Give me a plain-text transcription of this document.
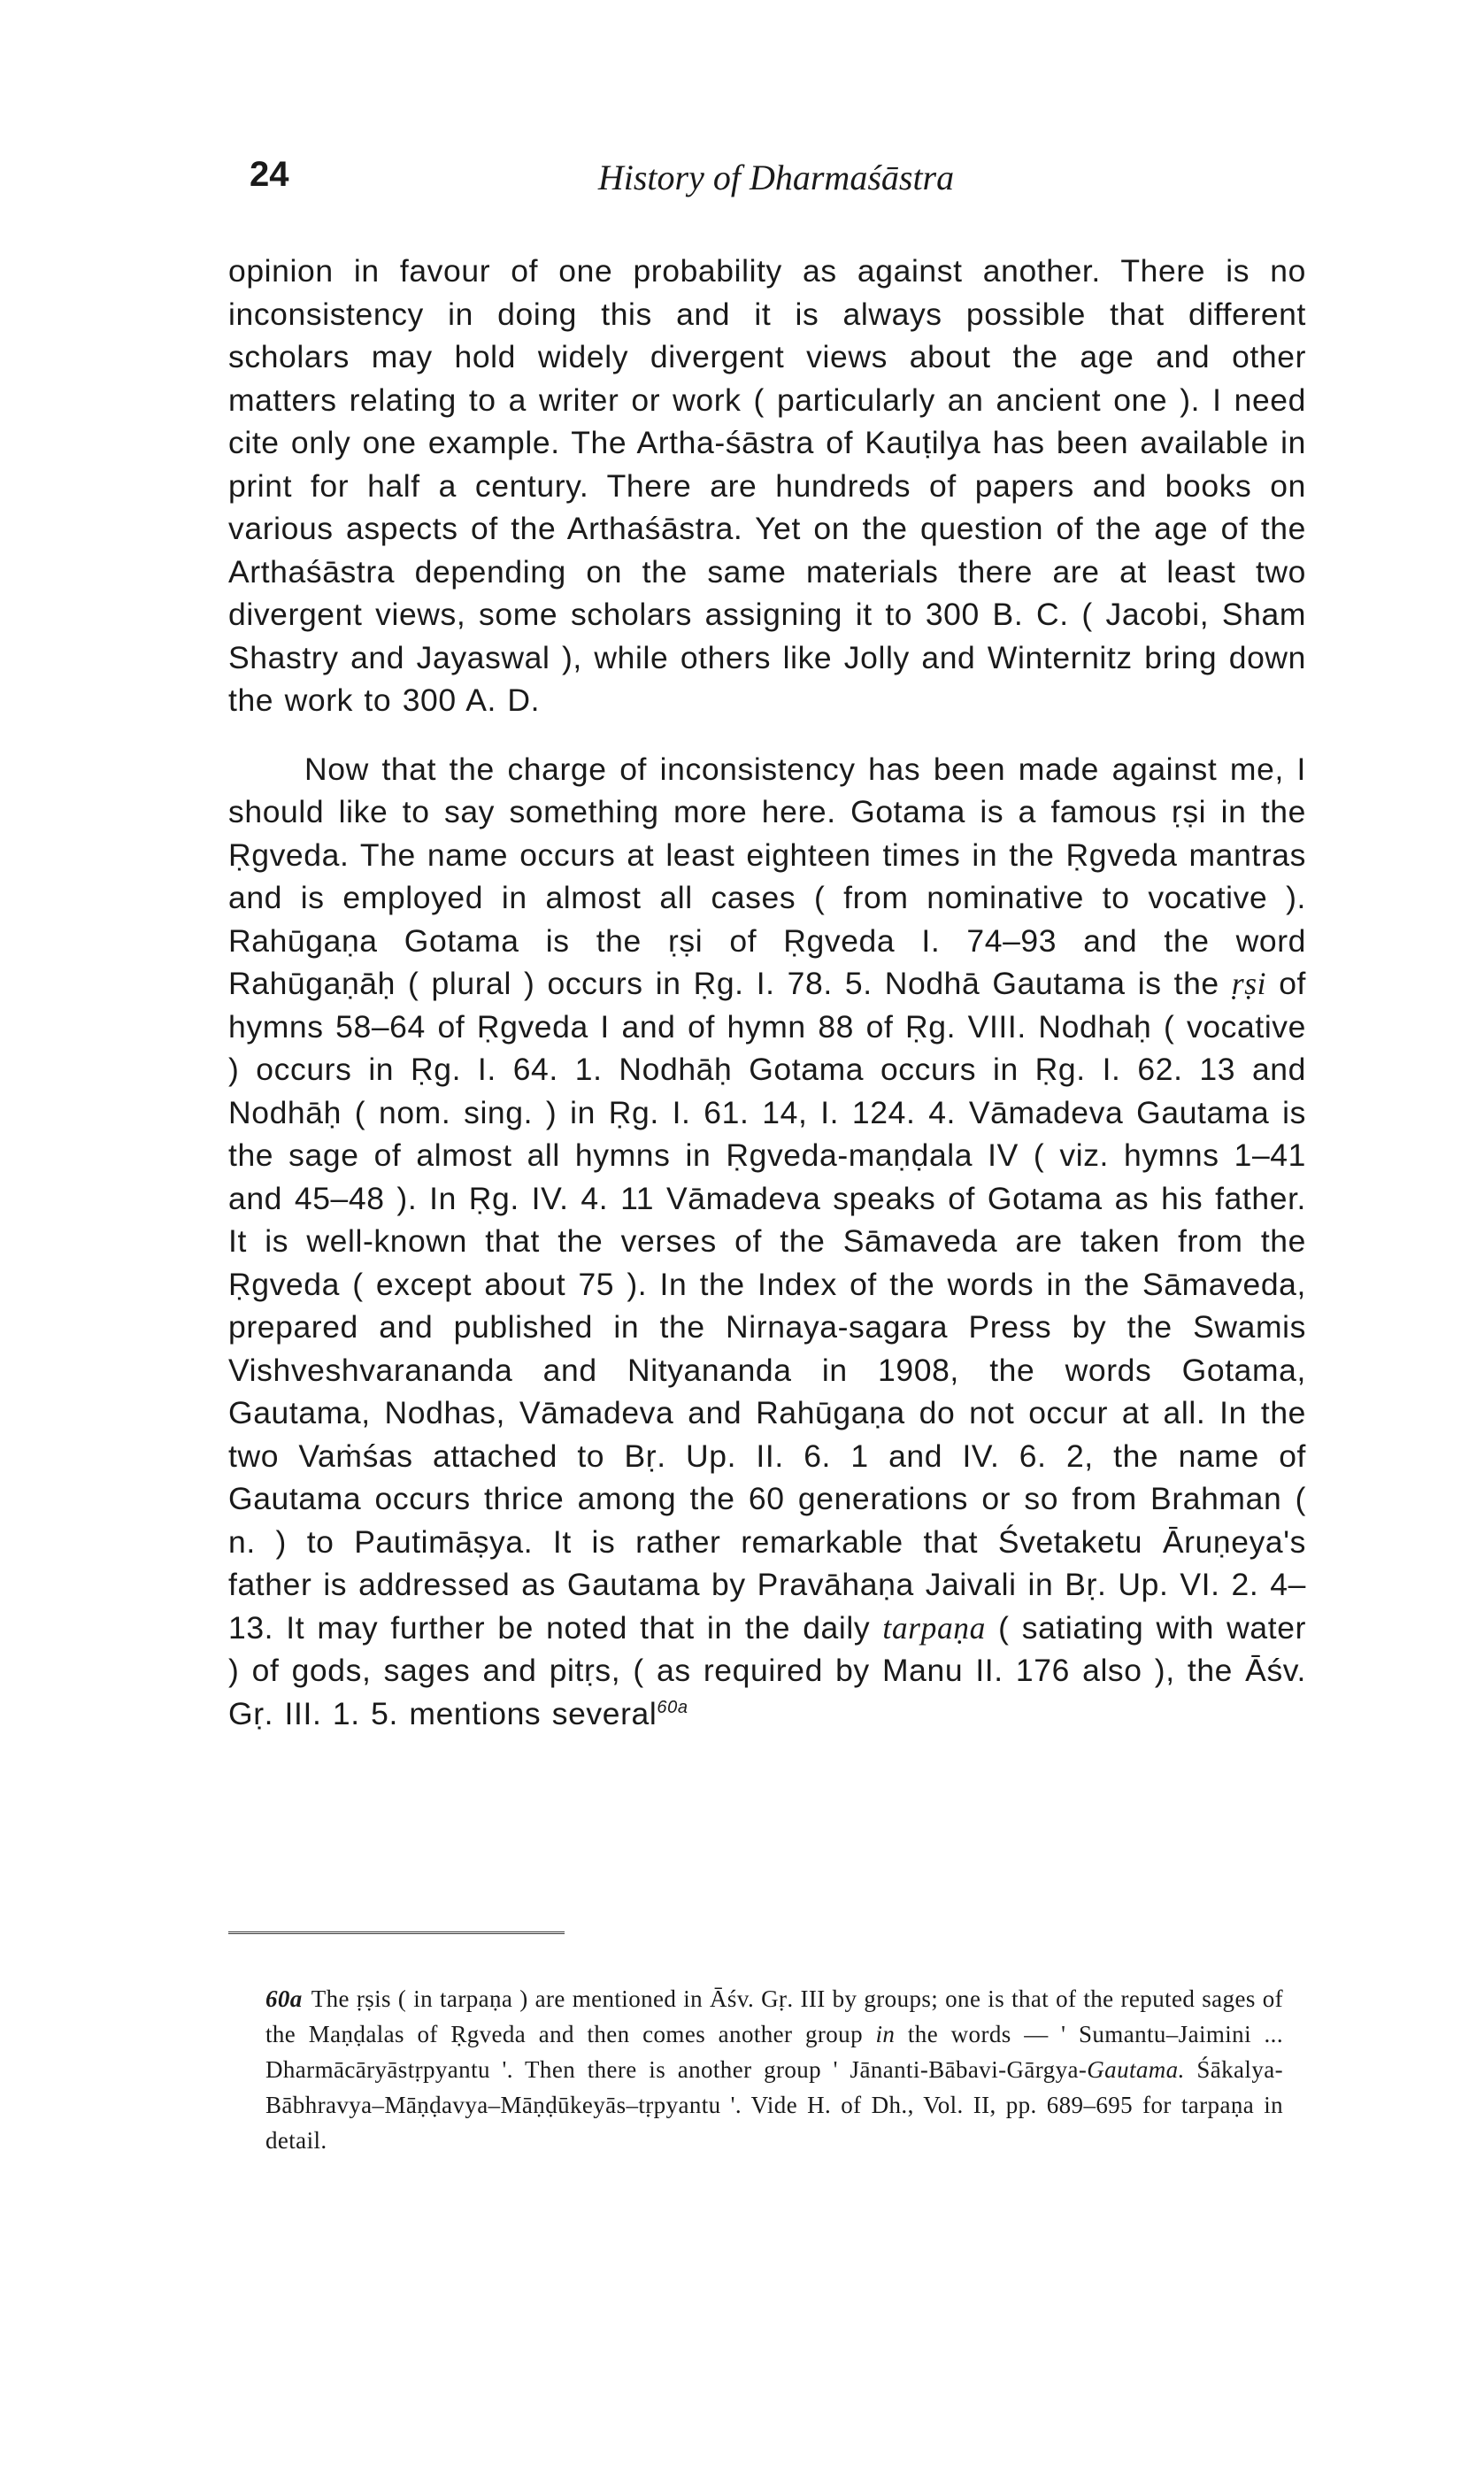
24	History of Dharmaśāstra

opinion in favour of one probability as against another. There is no inconsistency in doing this and it is always possible that different scholars may hold widely divergent views about the age and other matters relating to a writer or work ( particularly an ancient one ). I need cite only one example. The Artha-śāstra of Kauṭilya has been available in print for half a century. There are hundreds of papers and books on various aspects of the Arthaśāstra. Yet on the question of the age of the Arthaśāstra depending on the same materials there are at least two divergent views, some scholars assigning it to 300 B. C. ( Jacobi, Sham Shastry and Jayaswal ), while others like Jolly and Winternitz bring down the work to 300 A. D.

Now that the charge of inconsistency has been made against me, I should like to say something more here. Gotama is a famous ṛṣi in the Ṛgveda. The name occurs at least eighteen times in the Ṛgveda mantras and is employed in almost all cases ( from nominative to vocative ). Rahūgaṇa Gotama is the ṛṣi of Ṛgveda I. 74–93 and the word Rahūgaṇāḥ ( plural ) occurs in Ṛg. I. 78. 5. Nodhā Gautama is the ṛṣi of hymns 58–64 of Ṛgveda I and of hymn 88 of Ṛg. VIII. Nodhaḥ ( vocative ) occurs in Ṛg. I. 64. 1. Nodhāḥ Gotama occurs in Ṛg. I. 62. 13 and Nodhāḥ ( nom. sing. ) in Ṛg. I. 61. 14, I. 124. 4. Vāmadeva Gautama is the sage of almost all hymns in Ṛgveda-maṇḍala IV ( viz. hymns 1–41 and 45–48 ). In Ṛg. IV. 4. 11 Vāmadeva speaks of Gotama as his father. It is well-known that the verses of the Sāmaveda are taken from the Ṛgveda ( except about 75 ). In the Index of the words in the Sāmaveda, prepared and published in the Nirnaya-sagara Press by the Swamis Vishveshvarananda and Nityananda in 1908, the words Gotama, Gautama, Nodhas, Vāmadeva and Rahūgaṇa do not occur at all. In the two Vaṁśas attached to Bṛ. Up. II. 6. 1 and IV. 6. 2, the name of Gautama occurs thrice among the 60 generations or so from Brahman ( n. ) to Pautimāṣya. It is rather remarkable that Śvetaketu Āruṇeya's father is addressed as Gautama by Pravāhaṇa Jaivali in Bṛ. Up. VI. 2. 4–13. It may further be noted that in the daily tarpaṇa ( satiating with water ) of gods, sages and pitṛs, ( as required by Manu II. 176 also ), the Āśv. Gṛ. III. 1. 5. mentions several$^{60a}$

60a The ṛṣis ( in tarpaṇa ) are mentioned in Āśv. Gṛ. III by groups; one is that of the reputed sages of the Maṇḍalas of Ṛgveda and then comes another group in the words — ' Sumantu–Jaimini ... Dharmācāryāstṛpyantu '. Then there is another group ' Jānanti-Bābavi-Gārgya-Gautama. Śākalya-Bābhravya–Māṇḍavya–Māṇḍūkeyās–tṛpyantu '. Vide H. of Dh., Vol. II, pp. 689–695 for tarpaṇa in detail.
